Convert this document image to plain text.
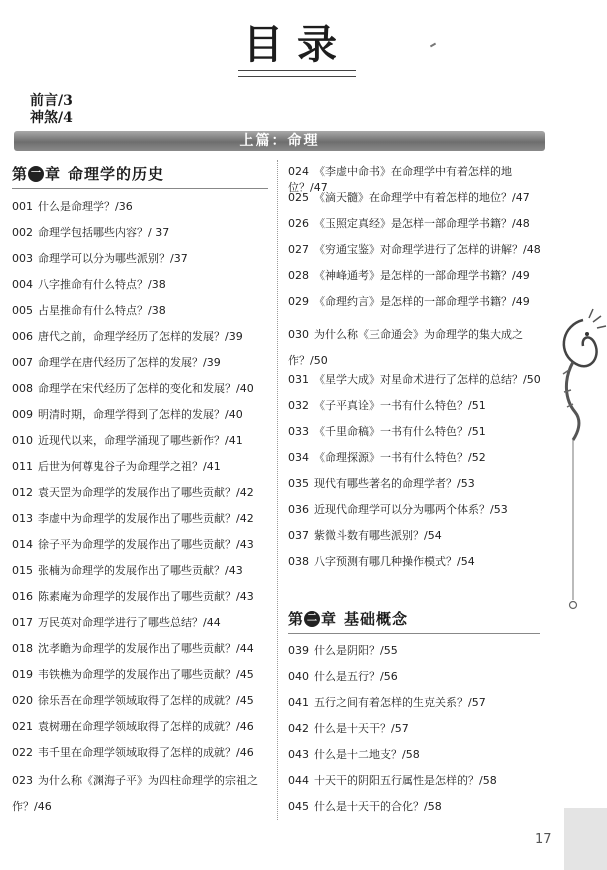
目录
前言/3
神煞/4
上篇：命理
第 一 章 命理学的历史
001 什么是命理学？/36
002 命理学包括哪些内容？/ 37
003 命理学可以分为哪些派别？/37
004 八字推命有什么特点？/38
005 占星推命有什么特点？/38
006 唐代之前，命理学经历了怎样的发展？/39
007 命理学在唐代经历了怎样的发展？/39
008 命理学在宋代经历了怎样的变化和发展？/40
009 明清时期，命理学得到了怎样的发展？/40
010 近现代以来，命理学涌现了哪些新作？/41
011 后世为何尊鬼谷子为命理学之祖？/41
012 袁天罡为命理学的发展作出了哪些贡献？/42
013 李虚中为命理学的发展作出了哪些贡献？/42
014 徐子平为命理学的发展作出了哪些贡献？/43
015 张楠为命理学的发展作出了哪些贡献？/43
016 陈素庵为命理学的发展作出了哪些贡献？/43
017 万民英对命理学进行了哪些总结？/44
018 沈孝瞻为命理学的发展作出了哪些贡献？/44
019 韦铁樵为命理学的发展作出了哪些贡献？/45
020 徐乐吾在命理学领域取得了怎样的成就？/45
021 袁树珊在命理学领域取得了怎样的成就？/46
022 韦千里在命理学领域取得了怎样的成就？/46
023 为什么称《渊海子平》为四柱命理学的宗祖之作？/46
024 《李虚中命书》在命理学中有着怎样的地位？/47
025 《滴天髓》在命理学中有着怎样的地位？/47
026 《玉照定真经》是怎样一部命理学书籍？/48
027 《穷通宝鉴》对命理学进行了怎样的讲解？/48
028 《神峰通考》是怎样的一部命理学书籍？/49
029 《命理约言》是怎样的一部命理学书籍？/49
030 为什么称《三命通会》为命理学的集大成之作？/50
031 《星学大成》对星命术进行了怎样的总结？/50
032 《子平真诠》一书有什么特色？/51
033 《千里命稿》一书有什么特色？/51
034 《命理探源》一书有什么特色？/52
035 现代有哪些著名的命理学者？/53
036 近现代命理学可以分为哪两个体系？/53
037 紫微斗数有哪些派别？/54
038 八字预测有哪几种操作模式？/54
第 二 章 基础概念
039 什么是阴阳？/55
040 什么是五行？/56
041 五行之间有着怎样的生克关系？/57
042 什么是十天干？/57
043 什么是十二地支？/58
044 十天干的阴阳五行属性是怎样的？/58
045 什么是十天干的合化？/58
17
